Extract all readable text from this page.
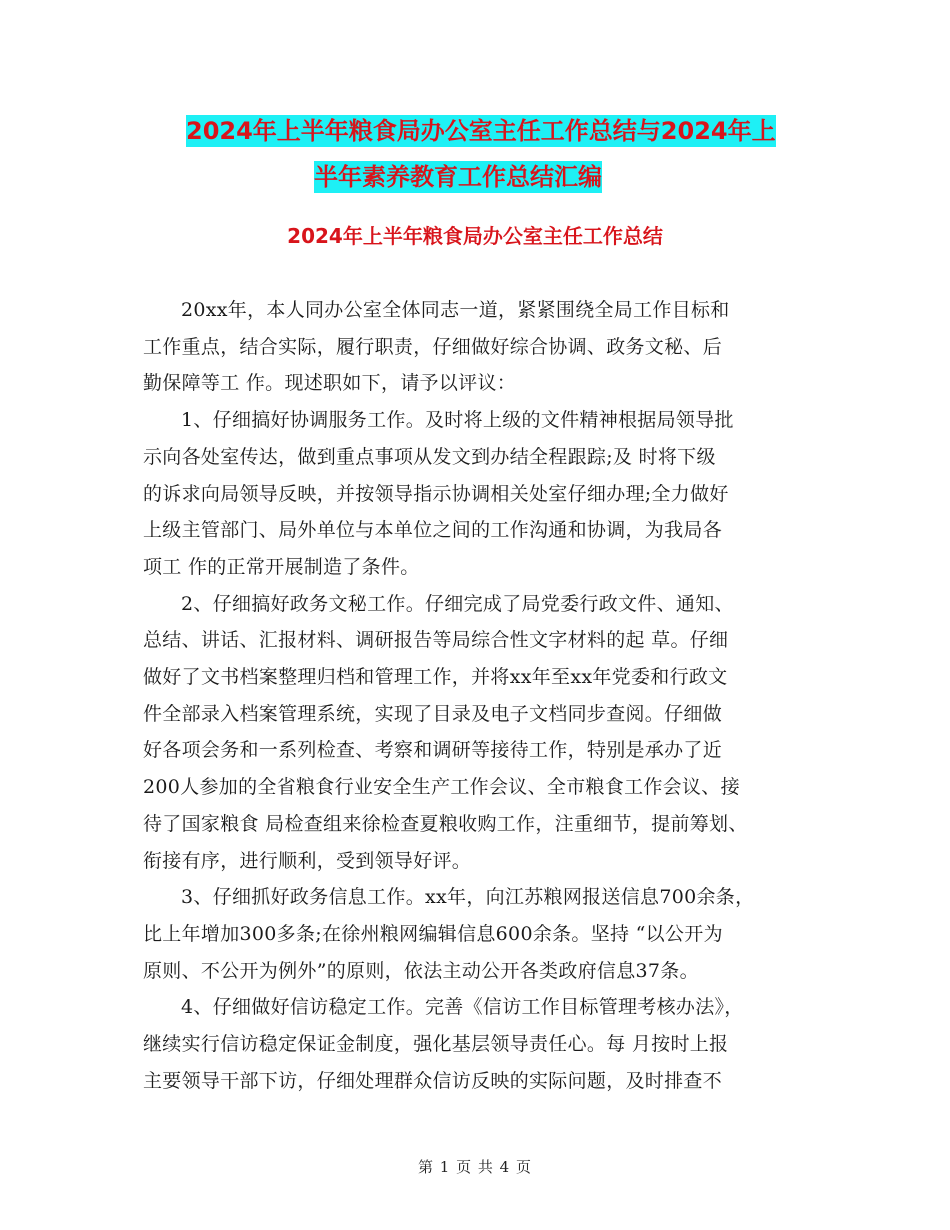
2024年上半年粮食局办公室主任工作总结与2024年上
半年素养教育工作总结汇编
2024年上半年粮食局办公室主任工作总结

20xx年，本人同办公室全体同志一道，紧紧围绕全局工作目标和
工作重点，结合实际，履行职责，仔细做好综合协调、政务文秘、后
勤保障等工 作。现述职如下，请予以评议：

1、仔细搞好协调服务工作。及时将上级的文件精神根据局领导批
示向各处室传达，做到重点事项从发文到办结全程跟踪;及 时将下级
的诉求向局领导反映，并按领导指示协调相关处室仔细办理;全力做好
上级主管部门、局外单位与本单位之间的工作沟通和协调，为我局各
项工 作的正常开展制造了条件。

2、仔细搞好政务文秘工作。仔细完成了局党委行政文件、通知、
总结、讲话、汇报材料、调研报告等局综合性文字材料的起 草。仔细
做好了文书档案整理归档和管理工作，并将xx年至xx年党委和行政文
件全部录入档案管理系统，实现了目录及电子文档同步查阅。仔细做
好各项会务和一系列检查、考察和调研等接待工作，特别是承办了近
200人参加的全省粮食行业安全生产工作会议、全市粮食工作会议、接
待了国家粮食 局检查组来徐检查夏粮收购工作，注重细节，提前筹划、
衔接有序，进行顺利，受到领导好评。

3、仔细抓好政务信息工作。xx年，向江苏粮网报送信息700余条，
比上年增加300多条;在徐州粮网编辑信息600余条。坚持 “以公开为
原则、不公开为例外”的原则，依法主动公开各类政府信息37条。

4、仔细做好信访稳定工作。完善《信访工作目标管理考核办法》，
继续实行信访稳定保证金制度，强化基层领导责任心。每 月按时上报
主要领导干部下访，仔细处理群众信访反映的实际问题，及时排查不

第 1 页 共 4 页
